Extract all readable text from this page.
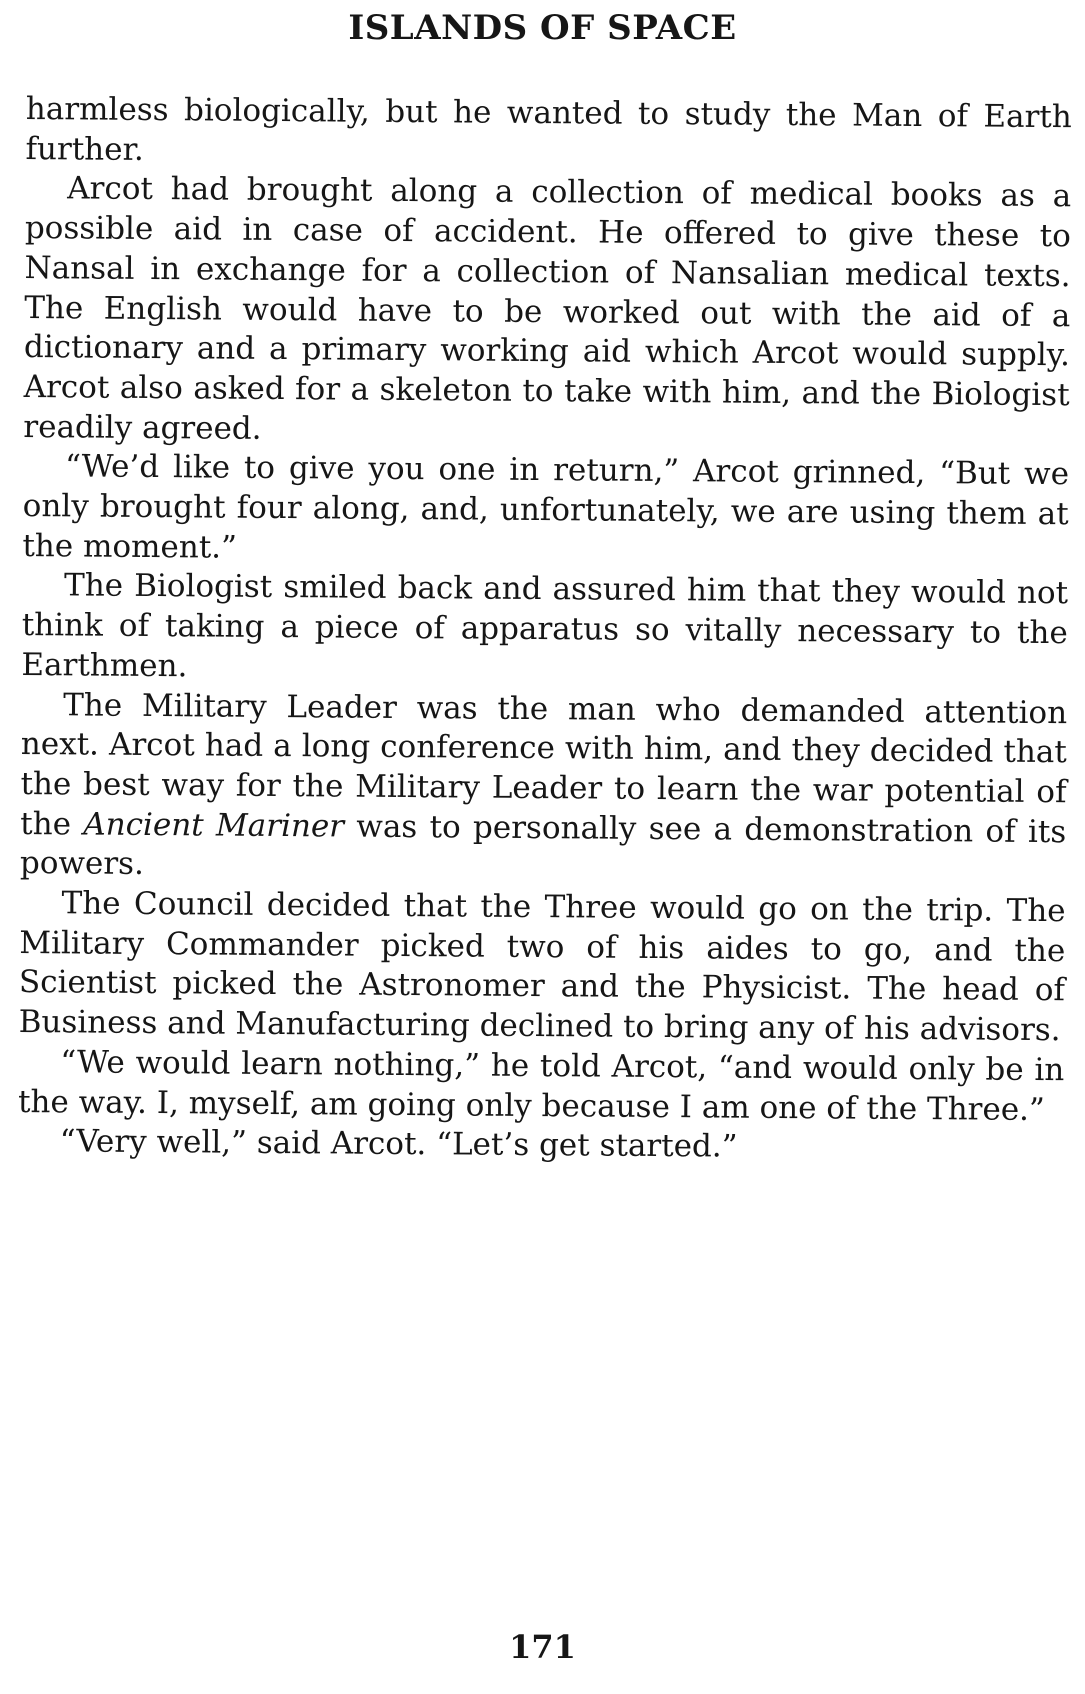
ISLANDS OF SPACE

harmless biologically, but he wanted to study the Man of Earth further.

Arcot had brought along a collection of medical books as a possible aid in case of accident. He offered to give these to Nansal in exchange for a collection of Nansalian medical texts. The English would have to be worked out with the aid of a dictionary and a primary working aid which Arcot would supply. Arcot also asked for a skeleton to take with him, and the Biologist readily agreed.

“We’d like to give you one in return,” Arcot grinned, “But we only brought four along, and, unfortunately, we are using them at the moment.”

The Biologist smiled back and assured him that they would not think of taking a piece of apparatus so vitally necessary to the Earthmen.

The Military Leader was the man who demanded attention next. Arcot had a long conference with him, and they decided that the best way for the Military Leader to learn the war potential of the Ancient Mariner was to personally see a demonstration of its powers.

The Council decided that the Three would go on the trip. The Military Commander picked two of his aides to go, and the Scientist picked the Astronomer and the Physicist. The head of Business and Manufacturing declined to bring any of his advisors.

“We would learn nothing,” he told Arcot, “and would only be in the way. I, myself, am going only because I am one of the Three.”

“Very well,” said Arcot. “Let’s get started.”

171
